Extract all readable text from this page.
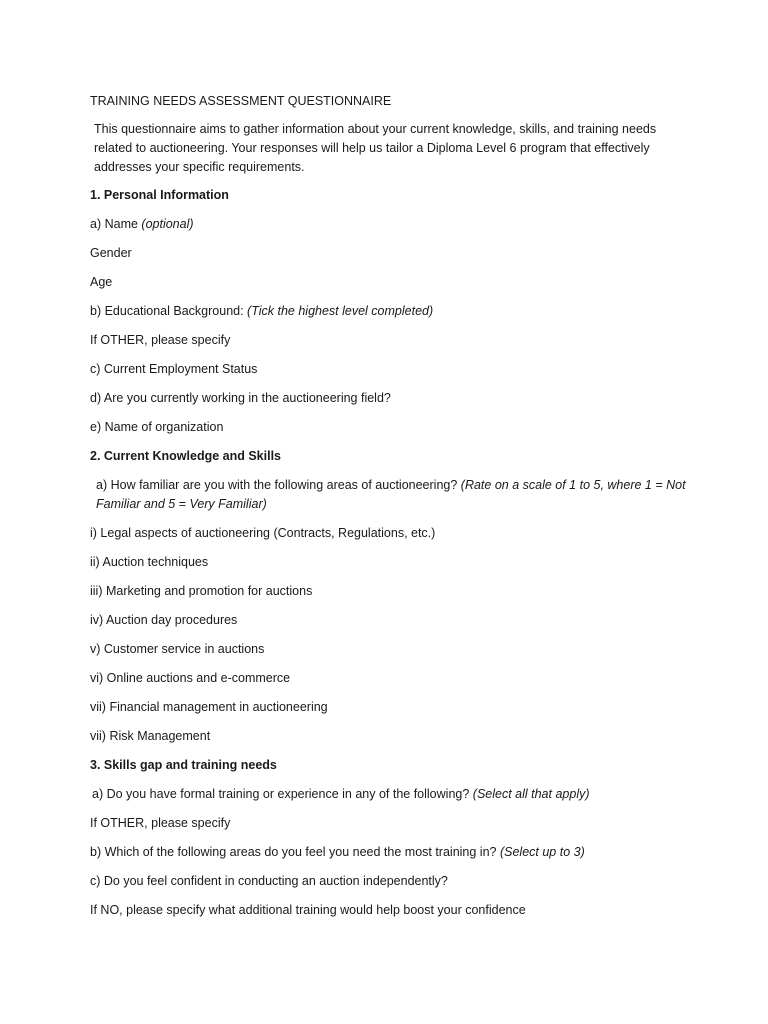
TRAINING NEEDS ASSESSMENT QUESTIONNAIRE
This questionnaire aims to gather information about your current knowledge, skills, and training needs related to auctioneering. Your responses will help us tailor a Diploma Level 6 program that effectively addresses your specific requirements.
1. Personal Information
a) Name (optional)
Gender
Age
b) Educational Background: (Tick the highest level completed)
If OTHER, please specify
c) Current Employment Status
d) Are you currently working in the auctioneering field?
e) Name of organization
2. Current Knowledge and Skills
a) How familiar are you with the following areas of auctioneering? (Rate on a scale of 1 to 5, where 1 = Not Familiar and 5 = Very Familiar)
i) Legal aspects of auctioneering (Contracts, Regulations, etc.)
ii) Auction techniques
iii) Marketing and promotion for auctions
iv) Auction day procedures
v) Customer service in auctions
vi) Online auctions and e-commerce
vii) Financial management in auctioneering
vii) Risk Management
3. Skills gap and training needs
a) Do you have formal training or experience in any of the following? (Select all that apply)
If OTHER, please specify
b) Which of the following areas do you feel you need the most training in? (Select up to 3)
c) Do you feel confident in conducting an auction independently?
If NO, please specify what additional training would help boost your confidence
